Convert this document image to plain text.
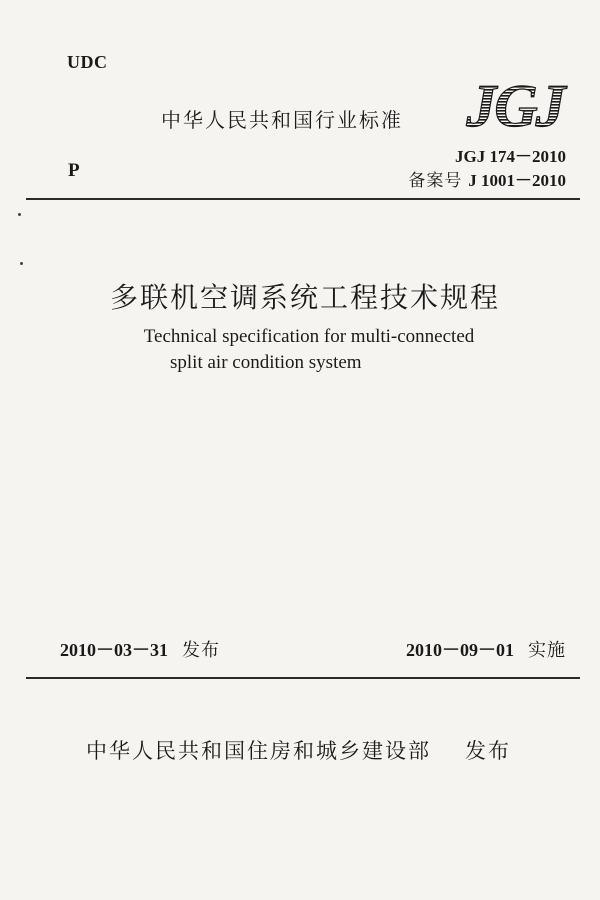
UDC
中华人民共和国行业标准 JGJ
P
JGJ 174－2010
备案号 J 1001－2010
多联机空调系统工程技术规程
Technical specification for multi-connected
split air condition system
2010－03－31 发布	2010－09－01 实施
中华人民共和国住房和城乡建设部 发布
